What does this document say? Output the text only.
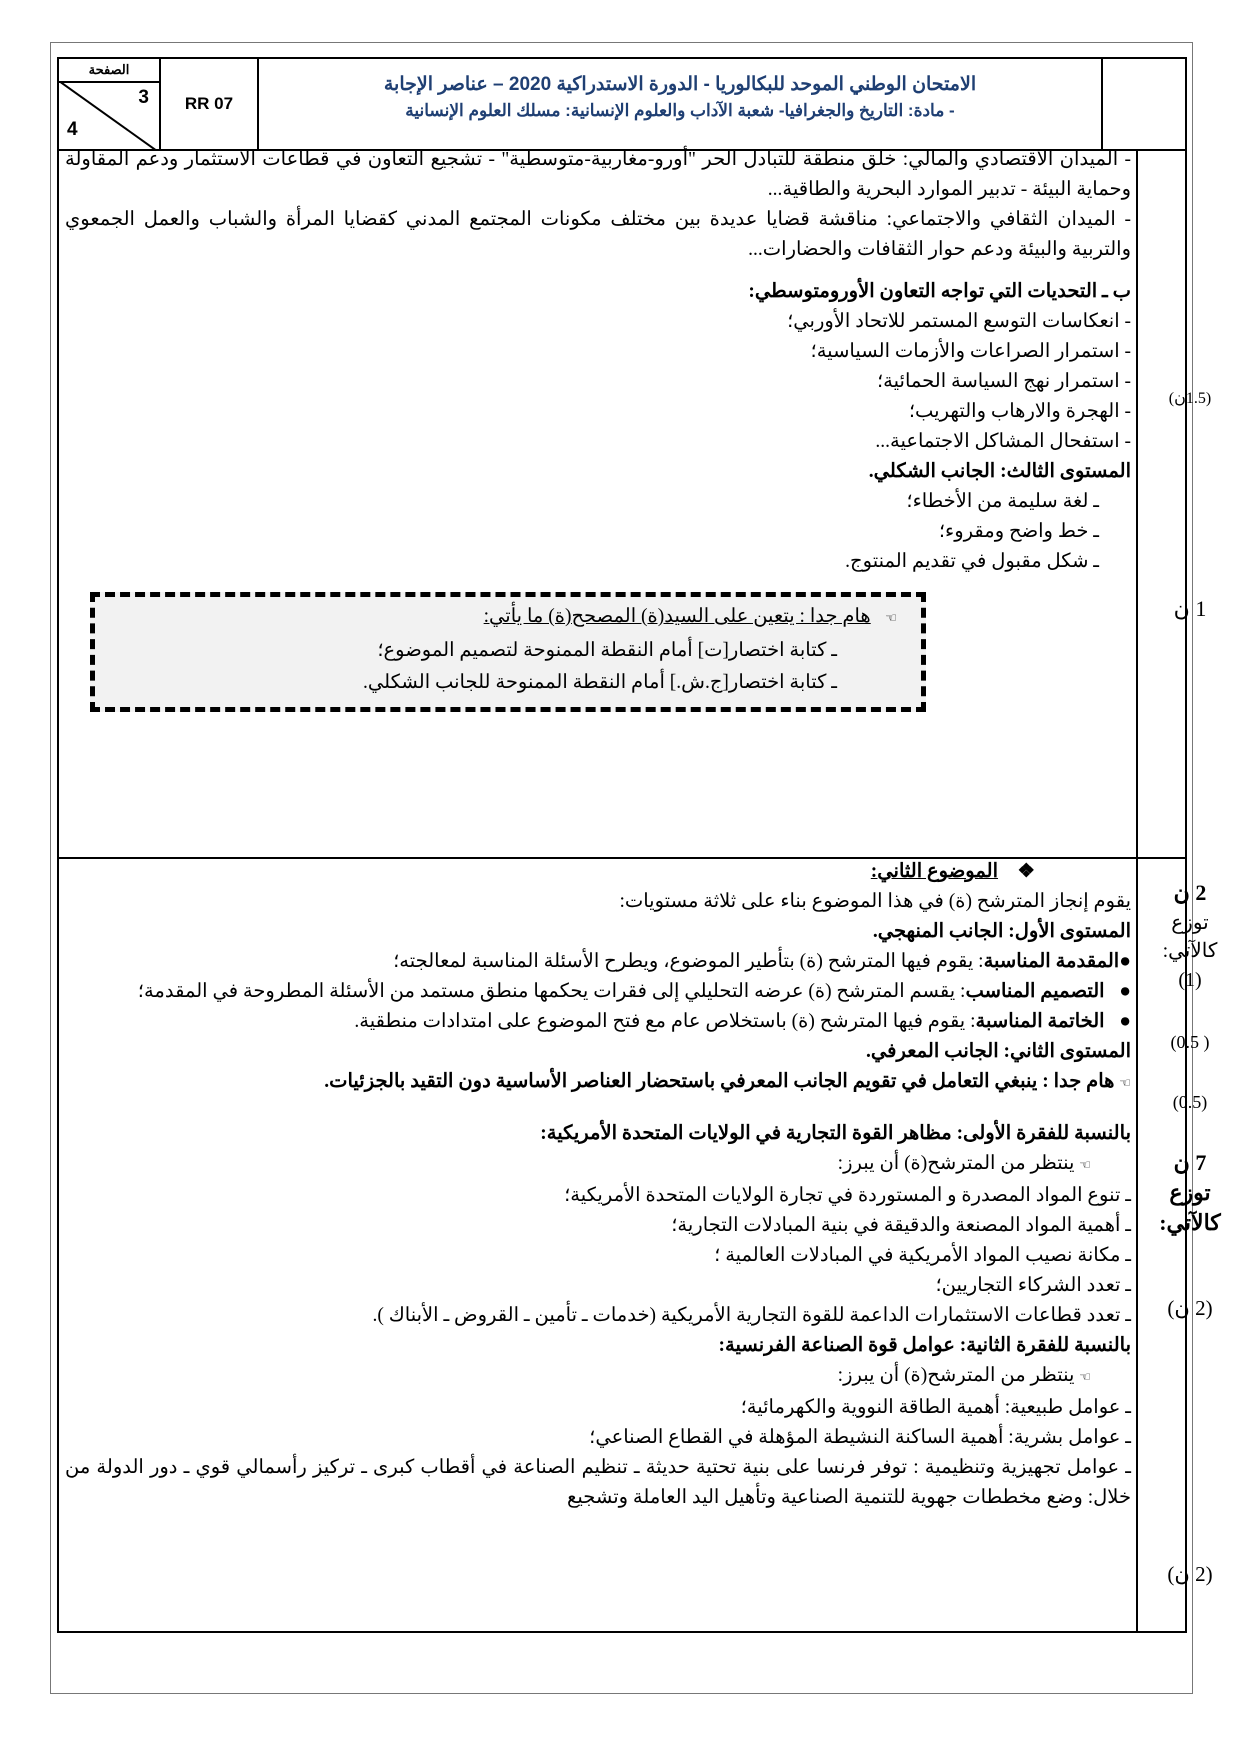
الصفحة
3
4
RR 07
الامتحان الوطني الموحد للبكالوريا - الدورة الاستدراكية 2020 – عناصر الإجابة
- مادة: التاريخ والجغرافيا- شعبة الآداب والعلوم الإنسانية: مسلك العلوم الإنسانية

- الميدان الاقتصادي والمالي: خلق منطقة للتبادل الحر "أورو-مغاربية-متوسطية" - تشجيع التعاون في قطاعات الاستثمار ودعم المقاولة وحماية البيئة - تدبير الموارد البحرية والطاقية...

- الميدان الثقافي والاجتماعي: مناقشة قضايا عديدة بين مختلف مكونات المجتمع المدني كقضايا المرأة والشباب والعمل الجمعوي والتربية والبيئة ودعم حوار الثقافات والحضارات...

ب ـ التحديات التي تواجه التعاون الأورومتوسطي:

- انعكاسات التوسع المستمر للاتحاد الأوربي؛

- استمرار الصراعات والأزمات السياسية؛

- استمرار نهج السياسة الحمائية؛

- الهجرة والارهاب والتهريب؛

- استفحال المشاكل الاجتماعية...

المستوى الثالث: الجانب الشكلي.

ـ لغة سليمة من الأخطاء؛

ـ خط واضح ومقروء؛

ـ شكل مقبول في تقديم المنتوج.

❖    الموضوع الثاني:

يقوم إنجاز المترشح (ة) في هذا الموضوع بناء على ثلاثة مستويات:

المستوى الأول: الجانب المنهجي.

●المقدمة المناسبة: يقوم فيها المترشح (ة) بتأطير الموضوع، ويطرح الأسئلة المناسبة لمعالجته؛

●   التصميم المناسب: يقسم المترشح (ة) عرضه التحليلي إلى فقرات يحكمها منطق مستمد من الأسئلة المطروحة في المقدمة؛

●   الخاتمة المناسبة: يقوم فيها المترشح (ة) باستخلاص عام مع فتح الموضوع على امتدادات منطقية.

المستوى الثاني: الجانب المعرفي.

☜ هام جدا : ينبغي التعامل في تقويم الجانب المعرفي باستحضار العناصر الأساسية دون التقيد بالجزئيات.

بالنسبة للفقرة الأولى: مظاهر القوة التجارية في الولايات المتحدة الأمريكية:

☜ ينتظر من المترشح(ة) أن يبرز:

ـ تنوع المواد المصدرة و المستوردة في تجارة الولايات المتحدة الأمريكية؛

ـ أهمية المواد المصنعة والدقيقة في بنية المبادلات التجارية؛

ـ مكانة نصيب المواد الأمريكية في المبادلات العالمية ؛

ـ تعدد الشركاء التجاريين؛

ـ تعدد قطاعات الاستثمارات الداعمة للقوة التجارية الأمريكية (خدمات ـ تأمين ـ القروض ـ الأبناك ).

بالنسبة للفقرة الثانية: عوامل قوة الصناعة الفرنسية:

☜ ينتظر من المترشح(ة) أن يبرز:

ـ عوامل طبيعية: أهمية الطاقة النووية والكهرمائية؛

ـ عوامل بشرية: أهمية الساكنة النشيطة المؤهلة في القطاع الصناعي؛

ـ عوامل تجهيزية وتنظيمية : توفر فرنسا على بنية تحتية حديثة ـ تنظيم الصناعة في أقطاب كبرى ـ تركيز رأسمالي قوي ـ دور الدولة من خلال: وضع مخططات جهوية للتنمية الصناعية وتأهيل اليد العاملة وتشجيع

☜   هام جدا : يتعين على السيد(ة) المصحح(ة) ما يأتي:
ـ كتابة اختصار[ت] أمام النقطة الممنوحة لتصميم الموضوع؛
ـ كتابة اختصار[ج.ش.] أمام النقطة الممنوحة للجانب الشكلي.
(1.5ن)
1 ن
2 ن
توزع
كالآتي:
(1)
( 0.5)
(0.5)
7 ن
توزع
كالآتي:
(2 ن)
(2 ن)
